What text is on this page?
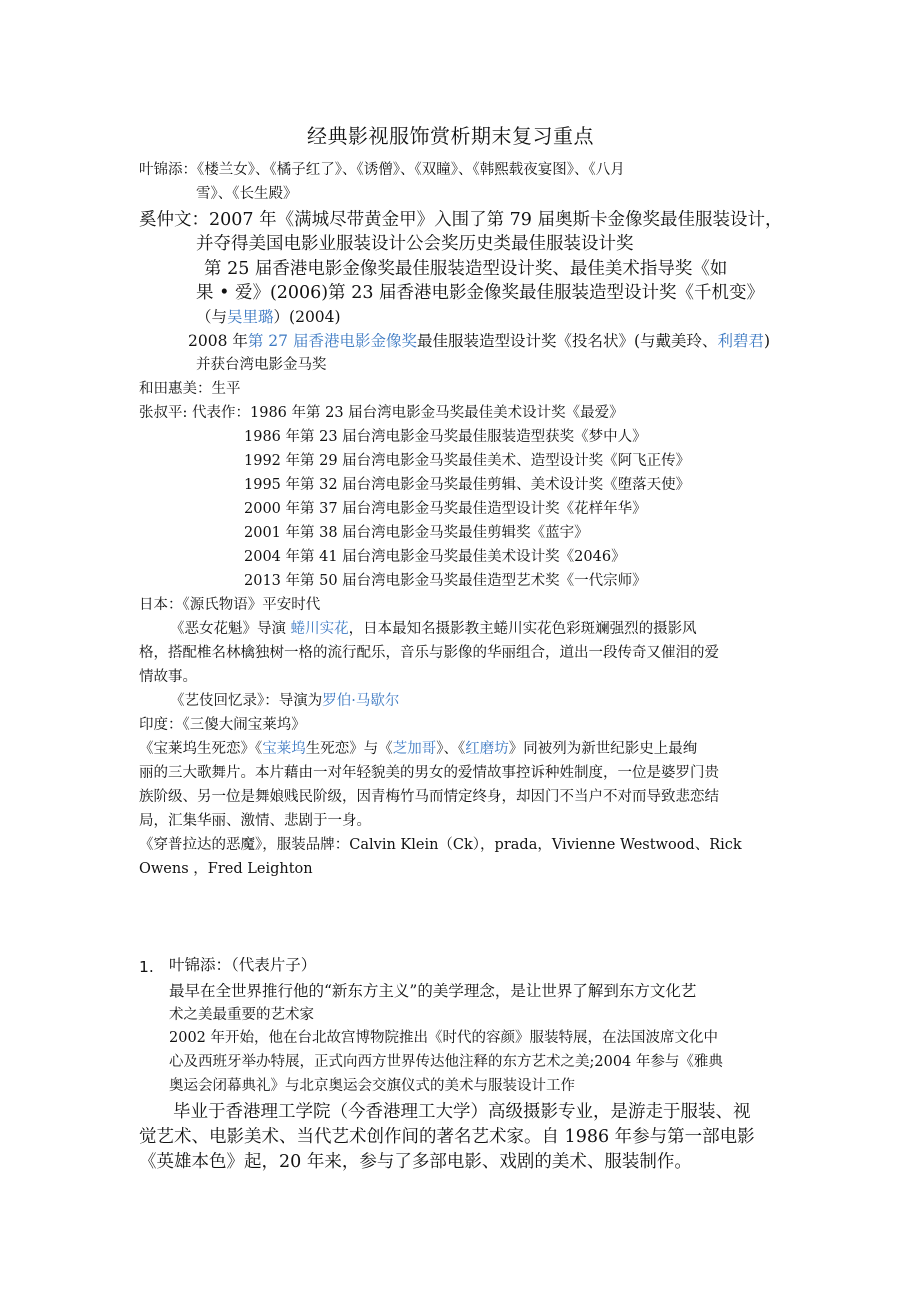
经典影视服饰赏析期末复习重点
叶锦添：《楼兰女》、《橘子红了》、《诱僧》、《双瞳》、《韩熙载夜宴图》、《八月
雪》、《长生殿》
奚仲文：2007 年《满城尽带黄金甲》入围了第 79 届奥斯卡金像奖最佳服装设计，
并夺得美国电影业服装设计公会奖历史类最佳服装设计奖
第 25 届香港电影金像奖最佳服装造型设计奖、最佳美术指导奖《如
果 • 爱》(2006)第 23 届香港电影金像奖最佳服装造型设计奖《千机变》
（与吴里璐）(2004)
2008 年第 27 届香港电影金像奖最佳服装造型设计奖《投名状》(与戴美玲、利碧君)
并获台湾电影金马奖
和田惠美：生平
张叔平: 代表作：1986 年第 23 届台湾电影金马奖最佳美术设计奖《最爱》
1986 年第 23 届台湾电影金马奖最佳服装造型获奖《梦中人》
1992 年第 29 届台湾电影金马奖最佳美术、造型设计奖《阿飞正传》
1995 年第 32 届台湾电影金马奖最佳剪辑、美术设计奖《堕落天使》
2000 年第 37 届台湾电影金马奖最佳造型设计奖《花样年华》
2001 年第 38 届台湾电影金马奖最佳剪辑奖《蓝宇》
2004 年第 41 届台湾电影金马奖最佳美术设计奖《2046》
2013 年第 50 届台湾电影金马奖最佳造型艺术奖《一代宗师》
日本：《源氏物语》平安时代
《恶女花魁》导演 蜷川实花，日本最知名摄影教主蜷川实花色彩斑斓强烈的摄影风
格，搭配椎名林檎独树一格的流行配乐，音乐与影像的华丽组合，道出一段传奇又催泪的爱
情故事。
《艺伎回忆录》：导演为罗伯·马歇尔
印度：《三傻大闹宝莱坞》
《宝莱坞生死恋》《宝莱坞生死恋》与《芝加哥》、《红磨坊》同被列为新世纪影史上最绚
丽的三大歌舞片。本片藉由一对年轻貌美的男女的爱情故事控诉种姓制度，一位是婆罗门贵
族阶级、另一位是舞娘贱民阶级，因青梅竹马而情定终身，却因门不当户不对而导致悲恋结
局，汇集华丽、激情、悲剧于一身。
《穿普拉达的恶魔》，服装品牌：Calvin Klein（Ck），prada，Vivienne Westwood、Rick
Owens ，Fred Leighton
1. 叶锦添：（代表片子）
最早在全世界推行他的“新东方主义”的美学理念，是让世界了解到东方文化艺
术之美最重要的艺术家
2002 年开始，他在台北故宫博物院推出《时代的容颜》服装特展，在法国波席文化中
心及西班牙举办特展，正式向西方世界传达他注释的东方艺术之美;2004 年参与《雅典
奥运会闭幕典礼》与北京奥运会交旗仪式的美术与服装设计工作
毕业于香港理工学院（今香港理工大学）高级摄影专业，是游走于服装、视
觉艺术、电影美术、当代艺术创作间的著名艺术家。自 1986 年参与第一部电影
《英雄本色》起，20 年来，参与了多部电影、戏剧的美术、服装制作。
